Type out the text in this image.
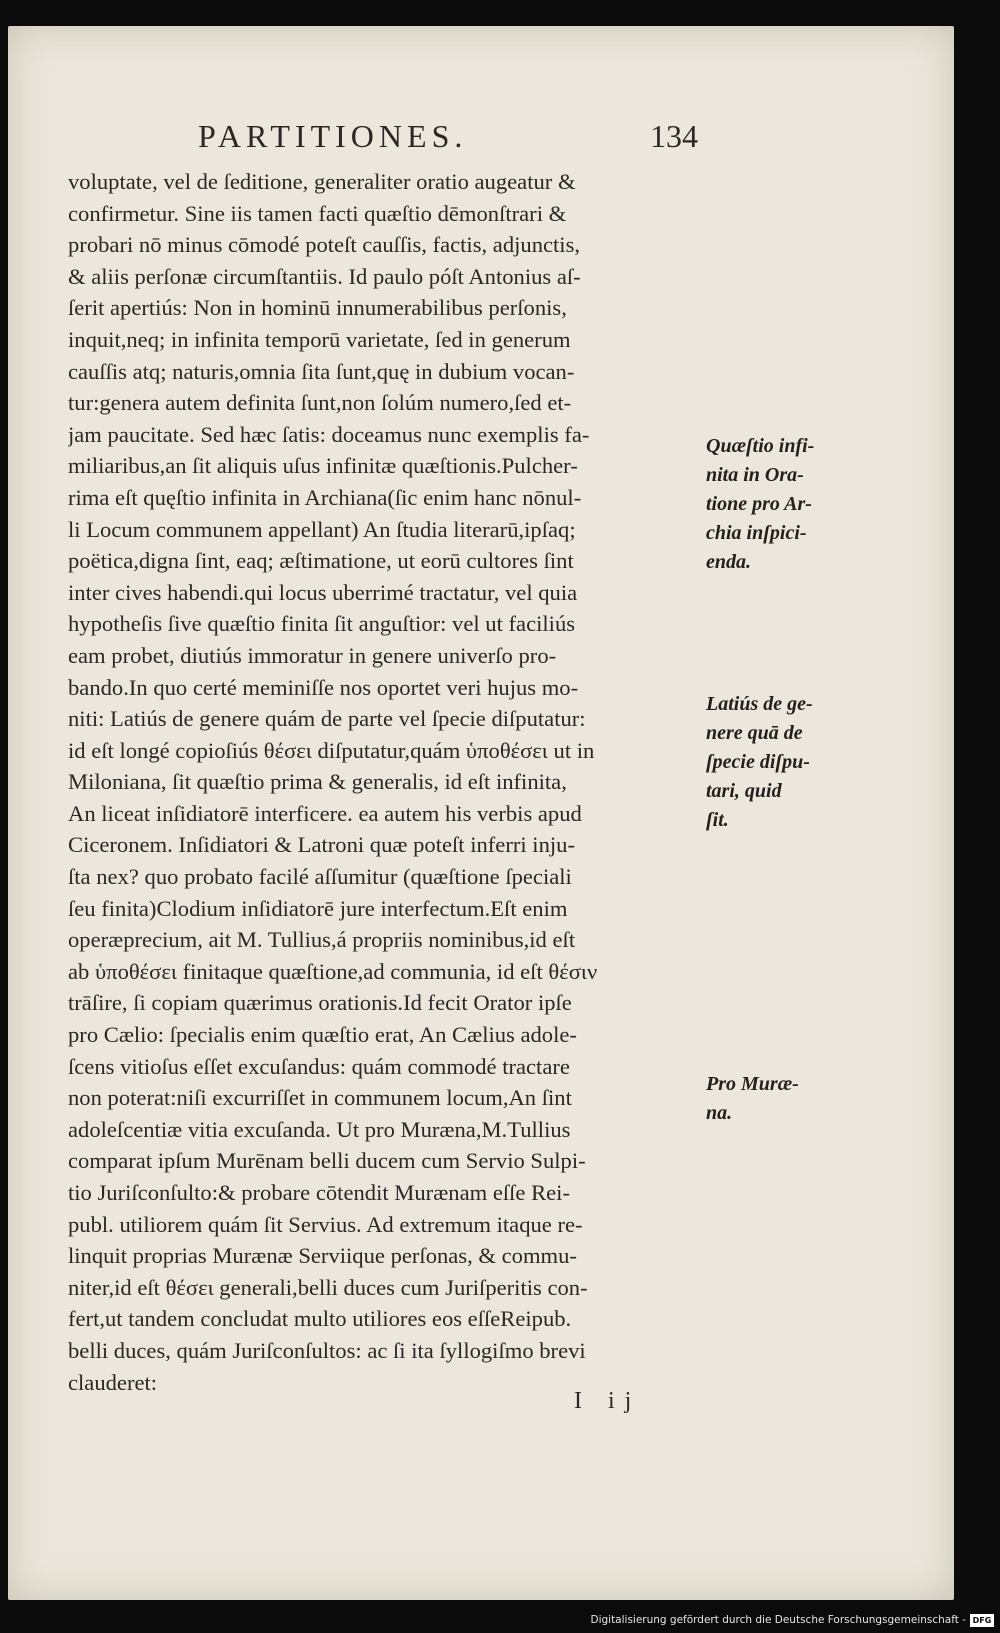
PARTITIONES.	134
voluptate, vel de ſeditione, generaliter oratio augeatur &
confirmetur. Sine iis tamen facti quæſtio dēmonſtrari &
probari nō minus cōmodé poteſt cauſſis, factis, adjunctis,
& aliis perſonæ circumſtantiis. Id paulo póſt Antonius aſ-
ſerit apertiús: Non in hominū innumerabilibus perſonis,
inquit,neq; in infinita temporū varietate, ſed in generum
cauſſis atq; naturis,omnia ſita ſunt,quę in dubium vocan-
tur:genera autem definita ſunt,non ſolúm numero,ſed et-
jam paucitate. Sed hæc ſatis: doceamus nunc exemplis fa-
miliaribus,an ſit aliquis uſus infinitæ quæſtionis.Pulcher-
rima eſt quęſtio infinita in Archiana(ſic enim hanc nōnul-
li Locum communem appellant) An ſtudia literarū,ipſaq;
poëtica,digna ſint, eaq; æſtimatione, ut eorū cultores ſint
inter cives habendi.qui locus uberrimé tractatur, vel quia
hypotheſis ſive quæſtio finita ſit anguſtior: vel ut faciliús
eam probet, diutiús immoratur in genere univerſo pro-
bando.In quo certé meminiſſe nos oportet veri hujus mo-
niti: Latiús de genere quám de parte vel ſpecie diſputatur:
id eſt longé copioſiús θέσει diſputatur,quám ὑποθέσει ut in
Miloniana, ſit quæſtio prima & generalis, id eſt infinita,
An liceat inſidiatorē interficere. ea autem his verbis apud
Ciceronem. Inſidiatori & Latroni quæ poteſt inferri inju-
ſta nex? quo probato facilé aſſumitur (quæſtione ſpeciali
ſeu finita)Clodium inſidiatorē jure interfectum.Eſt enim
operæprecium, ait M. Tullius,á propriis nominibus,id eſt
ab ὑποθέσει finitaque quæſtione,ad communia, id eſt θέσιν
trāſire, ſi copiam quærimus orationis.Id fecit Orator ipſe
pro Cælio: ſpecialis enim quæſtio erat, An Cælius adole-
ſcens vitioſus eſſet excuſandus: quám commodé tractare
non poterat:niſi excurriſſet in communem locum,An ſint
adoleſcentiæ vitia excuſanda. Ut pro Muræna,M.Tullius
comparat ipſum Murēnam belli ducem cum Servio Sulpi-
tio Juriſconſulto:& probare cōtendit Murænam eſſe Rei-
publ. utiliorem quám ſit Servius. Ad extremum itaque re-
linquit proprias Murænæ Serviique perſonas, & commu-
niter,id eſt θέσει generali,belli duces cum Juriſperitis con-
fert,ut tandem concludat multo utiliores eos eſſeReipub.
belli duces, quám Juriſconſultos: ac ſi ita ſyllogiſmo brevi
clauderet:
Quæſtio infi-
nita in Ora-
tione pro Ar-
chia inſpici-
enda.
Latiús de ge-
nere quā de
ſpecie diſpu-
tari, quid
ſit.
Pro Muræ-
na.
I ij
Digitalisierung gefördert durch die Deutsche Forschungsgemeinschaft - DFG
